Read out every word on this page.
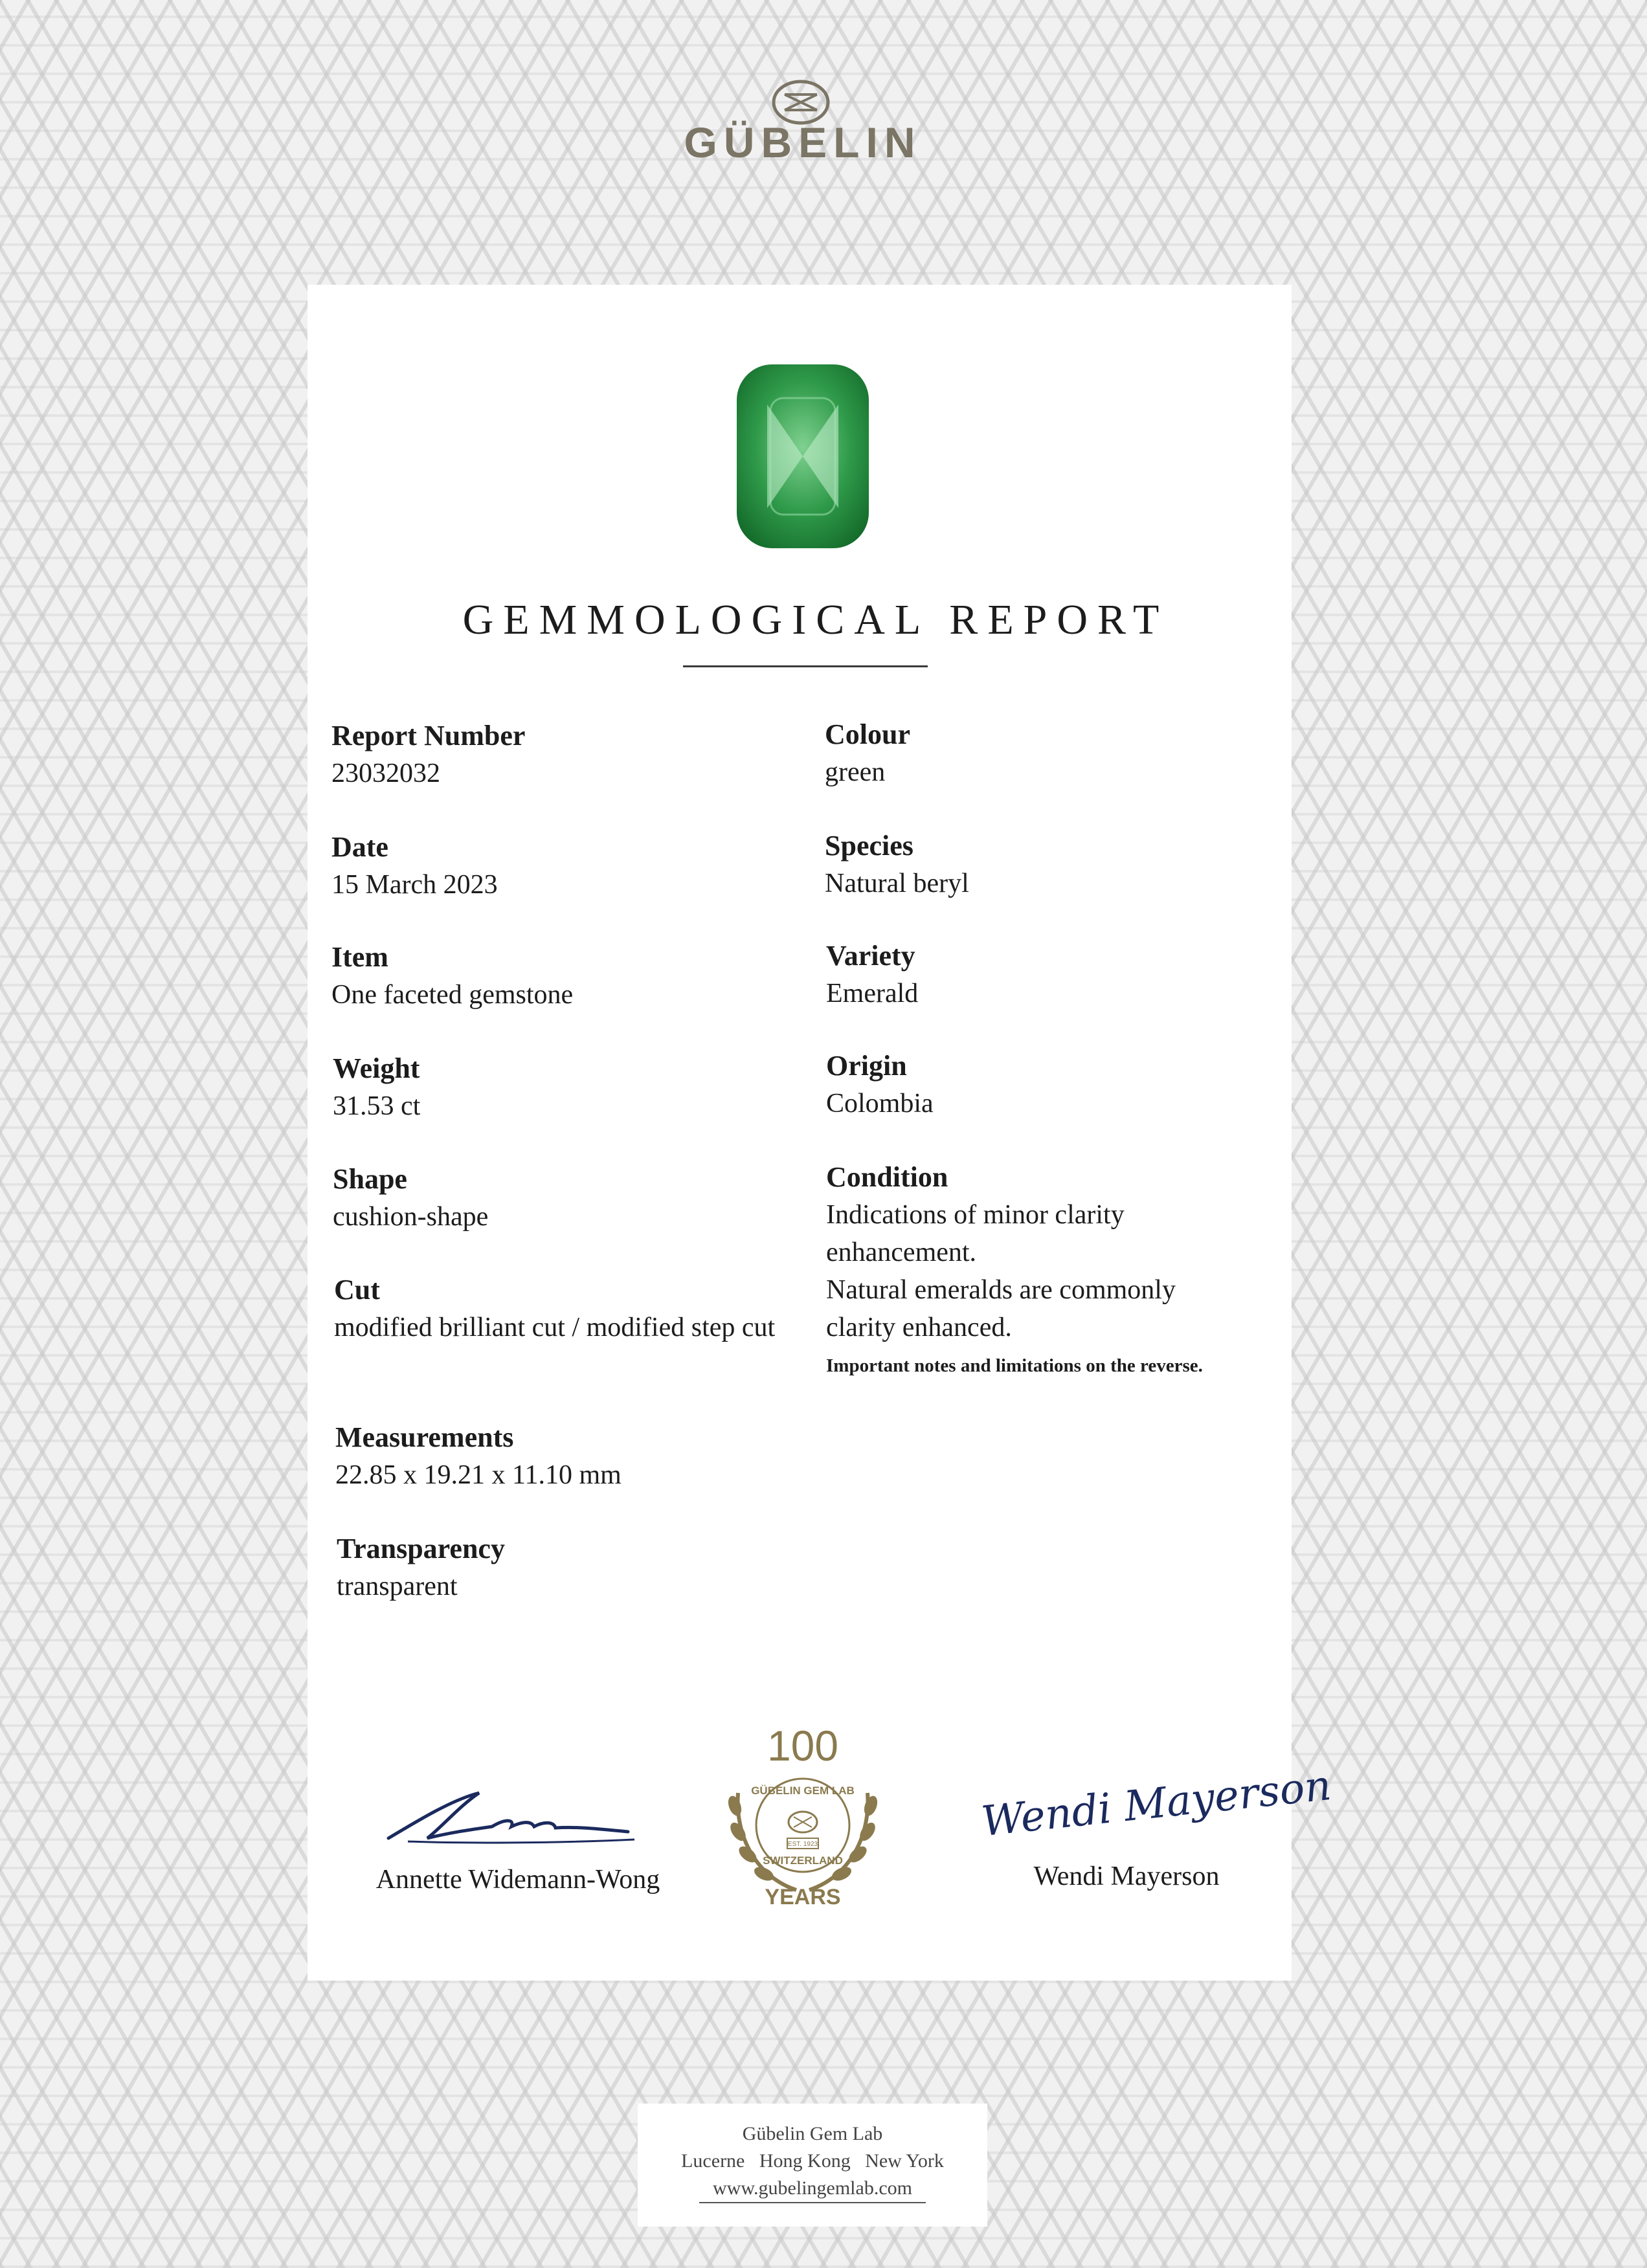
GÜBELIN
GEMMOLOGICAL REPORT
Report Number
23032032
Date
15 March 2023
Item
One faceted gemstone
Weight
31.53 ct
Shape
cushion-shape
Cut
modified brilliant cut / modified step cut
Measurements
22.85 x 19.21 x 11.10 mm
Transparency
transparent
Colour
green
Species
Natural beryl
Variety
Emerald
Origin
Colombia
Condition
Indications of minor clarity enhancement.
Natural emeralds are commonly clarity enhanced.
Important notes and limitations on the reverse.
Annette Widemann-Wong
Wendi Mayerson
Wendi Mayerson
100
GÜBELIN GEM LAB
EST. 1923
SWITZERLAND
YEARS
Gübelin Gem Lab
Lucerne   Hong Kong   New York
www.gubelingemlab.com
